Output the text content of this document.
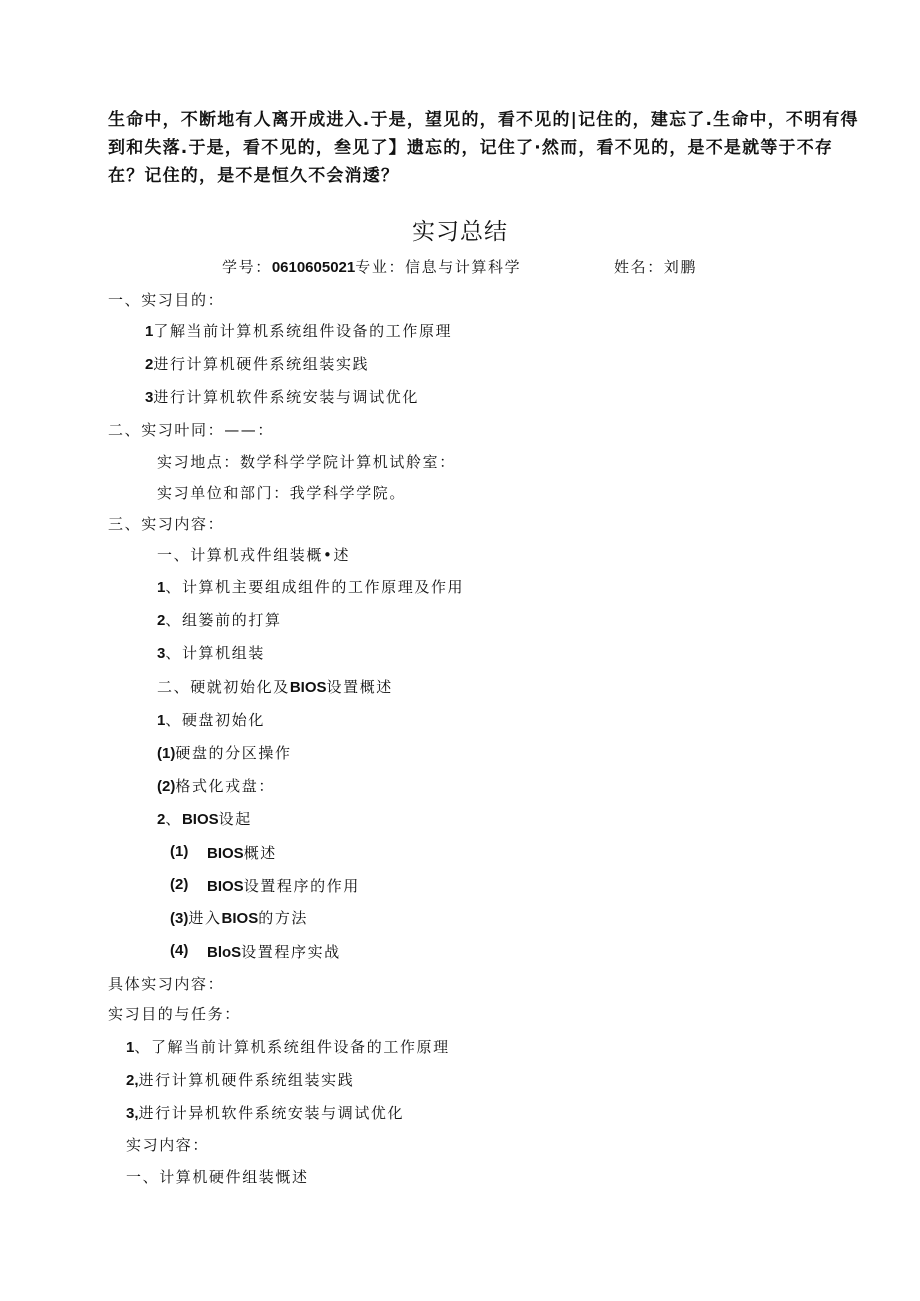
生命中，不断地有人离开成进入.于是，望见的，看不见的|记住的，建忘了.生命中，不明有得

到和失落.于是，看不见的，叁见了】遗忘的，记住了·然而，看不见的，是不是就等于不存

在？记住的，是不是恒久不会消逶？

实习总结
学号：0610605021专业：信息与计算科学	姓名：刘鹏
一、实习目的：
1了解当前计算机系统组件设备的工作原理
2进行计算机硬件系统组装实践
3进行计算机软件系统安装与调试优化
二、实习叶同：——：
实习地点：数学科学学院计算机试舲室：
实习单位和部门：我学科学学院。
三、实习内容：
一、计算机戎件组装概•述
1、计算机主要组成组件的工作原理及作用
2、组篓前的打算
3、计算机组装
二、硬就初始化及BIOS设置概述
1、硬盘初始化
(1)硬盘的分区操作
(2)格式化戎盘：
2、BIOS设起
(1) BIOS概述
(2) BIOS设置程序的作用
(3)进入BIOS的方法
(4) BloS设置程序实战
具体实习内容：
实习目的与任务：
1、了解当前计算机系统组件设备的工作原理
2,进行计算机硬件系统组装实践
3,进行计异机软件系统安装与调试优化
实习内容：
一、计算机硬件组装慨述
